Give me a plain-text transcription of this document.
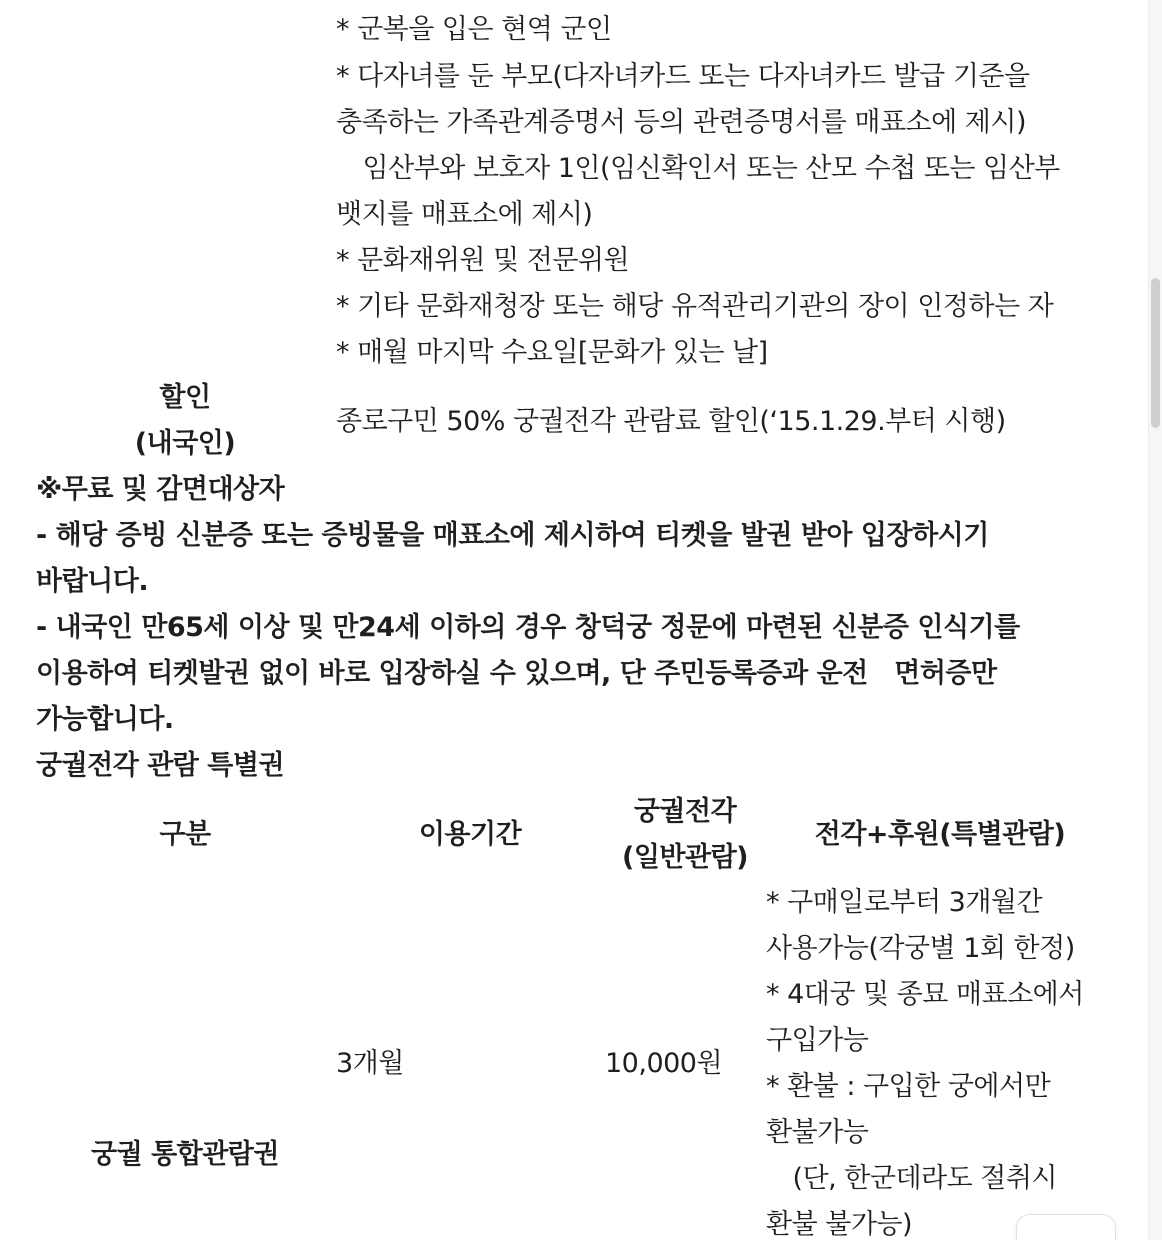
* 군복을 입은 현역 군인
* 다자녀를 둔 부모(다자녀카드 또는 다자녀카드 발급 기준을
충족하는 가족관계증명서 등의 관련증명서를 매표소에 제시)
　임산부와 보호자 1인(임신확인서 또는 산모 수첩 또는 임산부
뱃지를 매표소에 제시)
* 문화재위원 및 전문위원
* 기타 문화재청장 또는 해당 유적관리기관의 장이 인정하는 자
* 매월 마지막 수요일[문화가 있는 날]
할인
(내국인)
종로구민 50% 궁궐전각 관람료 할인(‘15.1.29.부터 시행)
※무료 및 감면대상자
- 해당 증빙 신분증 또는 증빙물을 매표소에 제시하여 티켓을 발권 받아 입장하시기
바랍니다.
- 내국인 만65세 이상 및 만24세 이하의 경우 창덕궁 정문에 마련된 신분증 인식기를
이용하여 티켓발권 없이 바로 입장하실 수 있으며, 단 주민등록증과 운전　면허증만
가능합니다.
궁궐전각 관람 특별권
구분	이용기간
궁궐전각
(일반관람)
전각+후원(특별관람)
궁궐 통합관람권
3개월	10,000원
* 구매일로부터 3개월간
사용가능(각궁별 1회 한정)
* 4대궁 및 종묘 매표소에서
구입가능
* 환불 : 구입한 궁에서만
환불가능
　(단, 한군데라도 절취시
환불 불가능)
